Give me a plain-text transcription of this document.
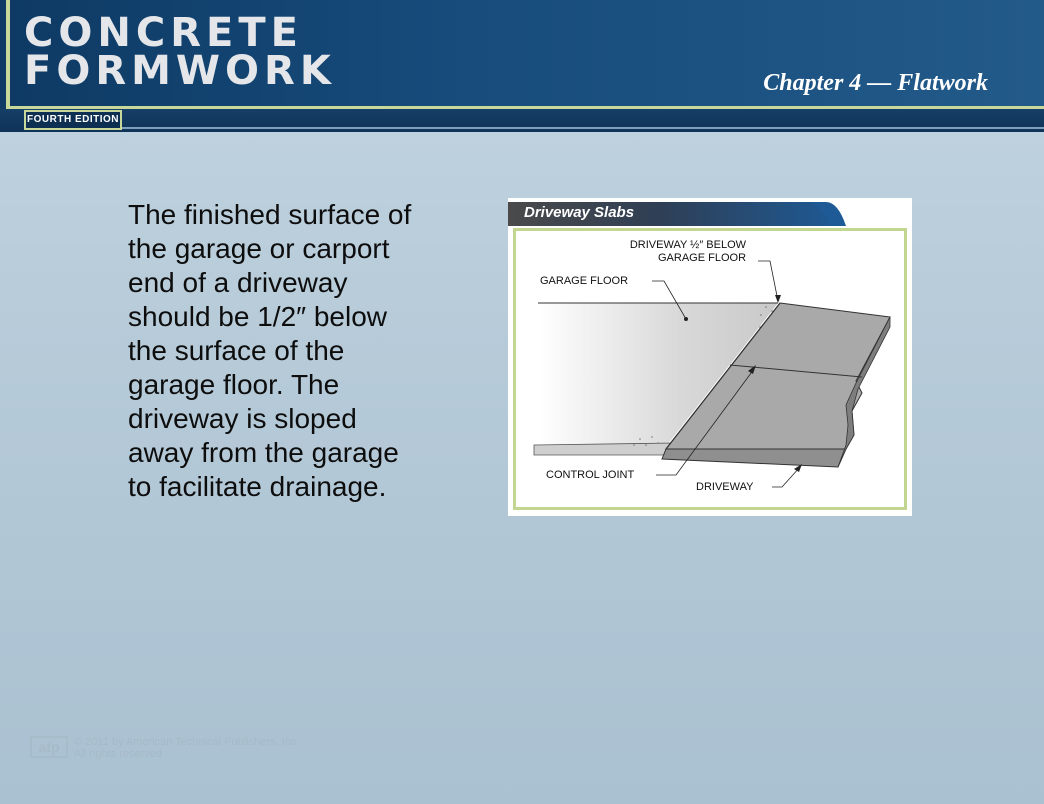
CONCRETE
FORMWORK
FOURTH EDITION
Chapter 4 — Flatwork
The finished surface of the garage or carport end of a driveway should be 1/2″ below the surface of the garage floor. The driveway is sloped away from the garage to facilitate drainage.
Driveway Slabs
DRIVEWAY ½″ BELOW
GARAGE FLOOR
GARAGE FLOOR
CONTROL JOINT
DRIVEWAY
atp © 2011 by American Technical Publishers, Inc.
All rights reserved
